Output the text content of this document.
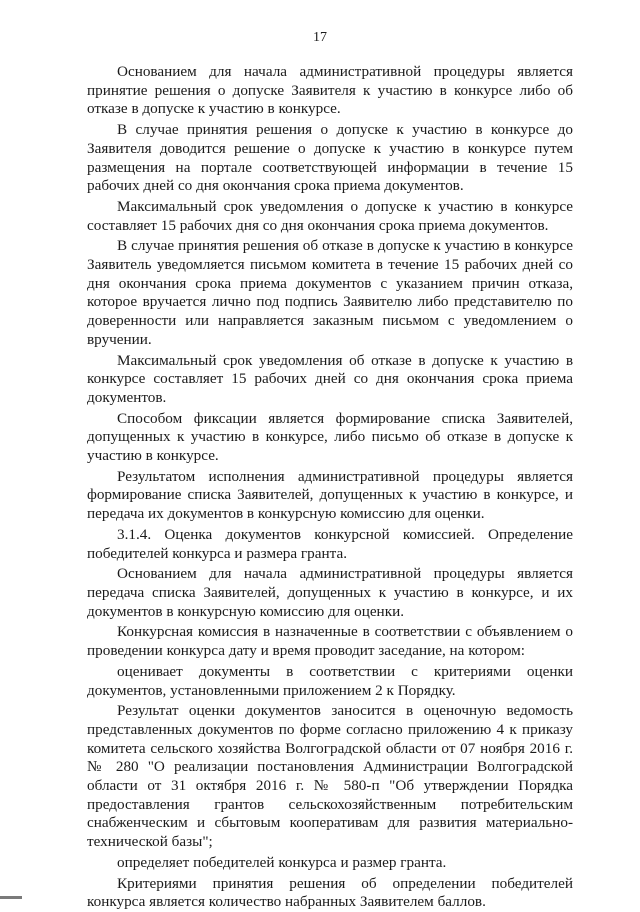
17

Основанием для начала административной процедуры является принятие решения о допуске Заявителя к участию в конкурсе либо об отказе в допуске к участию в конкурсе.

В случае принятия решения о допуске к участию в конкурсе до Заявителя доводится решение о допуске к участию в конкурсе путем размещения на портале соответствующей информации в течение 15 рабочих дней со дня окончания срока приема документов.

Максимальный срок уведомления о допуске к участию в конкурсе составляет 15 рабочих дня со дня окончания срока приема документов.

В случае принятия решения об отказе в допуске к участию в конкурсе Заявитель уведомляется письмом комитета в течение 15 рабочих дней со дня окончания срока приема документов с указанием причин отказа, которое вручается лично под подпись Заявителю либо представителю по доверенности или направляется заказным письмом с уведомлением о вручении.

Максимальный срок уведомления об отказе в допуске к участию в конкурсе составляет 15 рабочих дней со дня окончания срока приема документов.

Способом фиксации является формирование списка Заявителей, допущенных к участию в конкурсе, либо письмо об отказе в допуске к участию в конкурсе.

Результатом исполнения административной процедуры является формирование списка Заявителей, допущенных к участию в конкурсе, и передача их документов в конкурсную комиссию для оценки.

3.1.4. Оценка документов конкурсной комиссией. Определение победителей конкурса и размера гранта.

Основанием для начала административной процедуры является передача списка Заявителей, допущенных к участию в конкурсе, и их документов в конкурсную комиссию для оценки.

Конкурсная комиссия в назначенные в соответствии с объявлением о проведении конкурса дату и время проводит заседание, на котором:

оценивает документы в соответствии с критериями оценки документов, установленными приложением 2 к Порядку.

Результат оценки документов заносится в оценочную ведомость представленных документов по форме согласно приложению 4 к приказу комитета сельского хозяйства Волгоградской области от 07 ноября 2016 г. № 280 "О реализации постановления Администрации Волгоградской области от 31 октября 2016 г. № 580-п "Об утверждении Порядка предоставления грантов сельскохозяйственным потребительским снабженческим и сбытовым кооперативам для развития материально-технической базы";

определяет победителей конкурса и размер гранта.

Критериями принятия решения об определении победителей конкурса является количество набранных Заявителем баллов.
